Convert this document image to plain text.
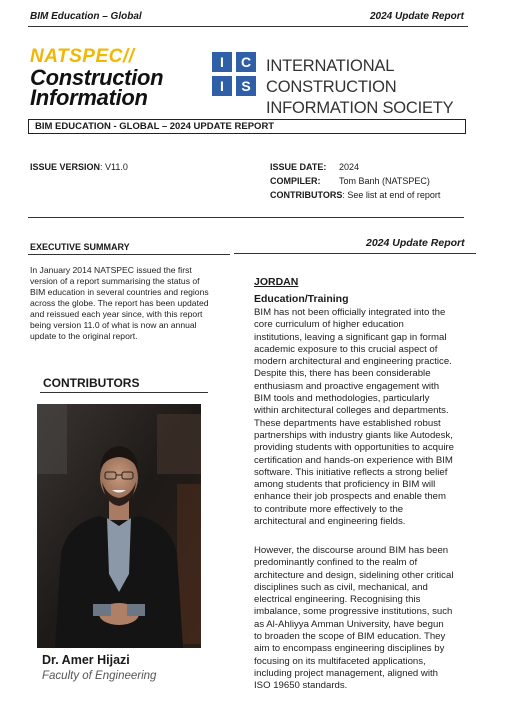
BIM Education – Global	2024 Update Report
NATSPEC//
Construction
Information
I	C
I	S
INTERNATIONAL CONSTRUCTION
INFORMATION SOCIETY
BIM EDUCATION - GLOBAL – 2024 UPDATE REPORT
ISSUE VERSION: V11.0	ISSUE DATE: 2024
COMPILER: Tom Banh (NATSPEC)
CONTRIBUTORS: See list at end of report
EXECUTIVE SUMMARY
In January 2014 NATSPEC issued the first
version of a report summarising the status of
BIM education in several countries and regions
across the globe. The report has been updated
and reissued each year since, with this report
being version 11.0 of what is now an annual
update to the original report.
CONTRIBUTORS
Dr. Amer Hijazi
Faculty of Engineering
2024 Update Report
JORDAN
Education/Training
BIM has not been officially integrated into the
core curriculum of higher education
institutions, leaving a significant gap in formal
academic exposure to this crucial aspect of
modern architectural and engineering practice.
Despite this, there has been considerable
enthusiasm and proactive engagement with
BIM tools and methodologies, particularly
within architectural colleges and departments.
These departments have established robust
partnerships with industry giants like Autodesk,
providing students with opportunities to acquire
certification and hands-on experience with BIM
software. This initiative reflects a strong belief
among students that proficiency in BIM will
enhance their job prospects and enable them
to contribute more effectively to the
architectural and engineering fields.
However, the discourse around BIM has been
predominantly confined to the realm of
architecture and design, sidelining other critical
disciplines such as civil, mechanical, and
electrical engineering. Recognising this
imbalance, some progressive institutions, such
as Al-Ahliyya Amman University, have begun
to broaden the scope of BIM education. They
aim to encompass engineering disciplines by
focusing on its multifaceted applications,
including project management, aligned with
ISO 19650 standards.
